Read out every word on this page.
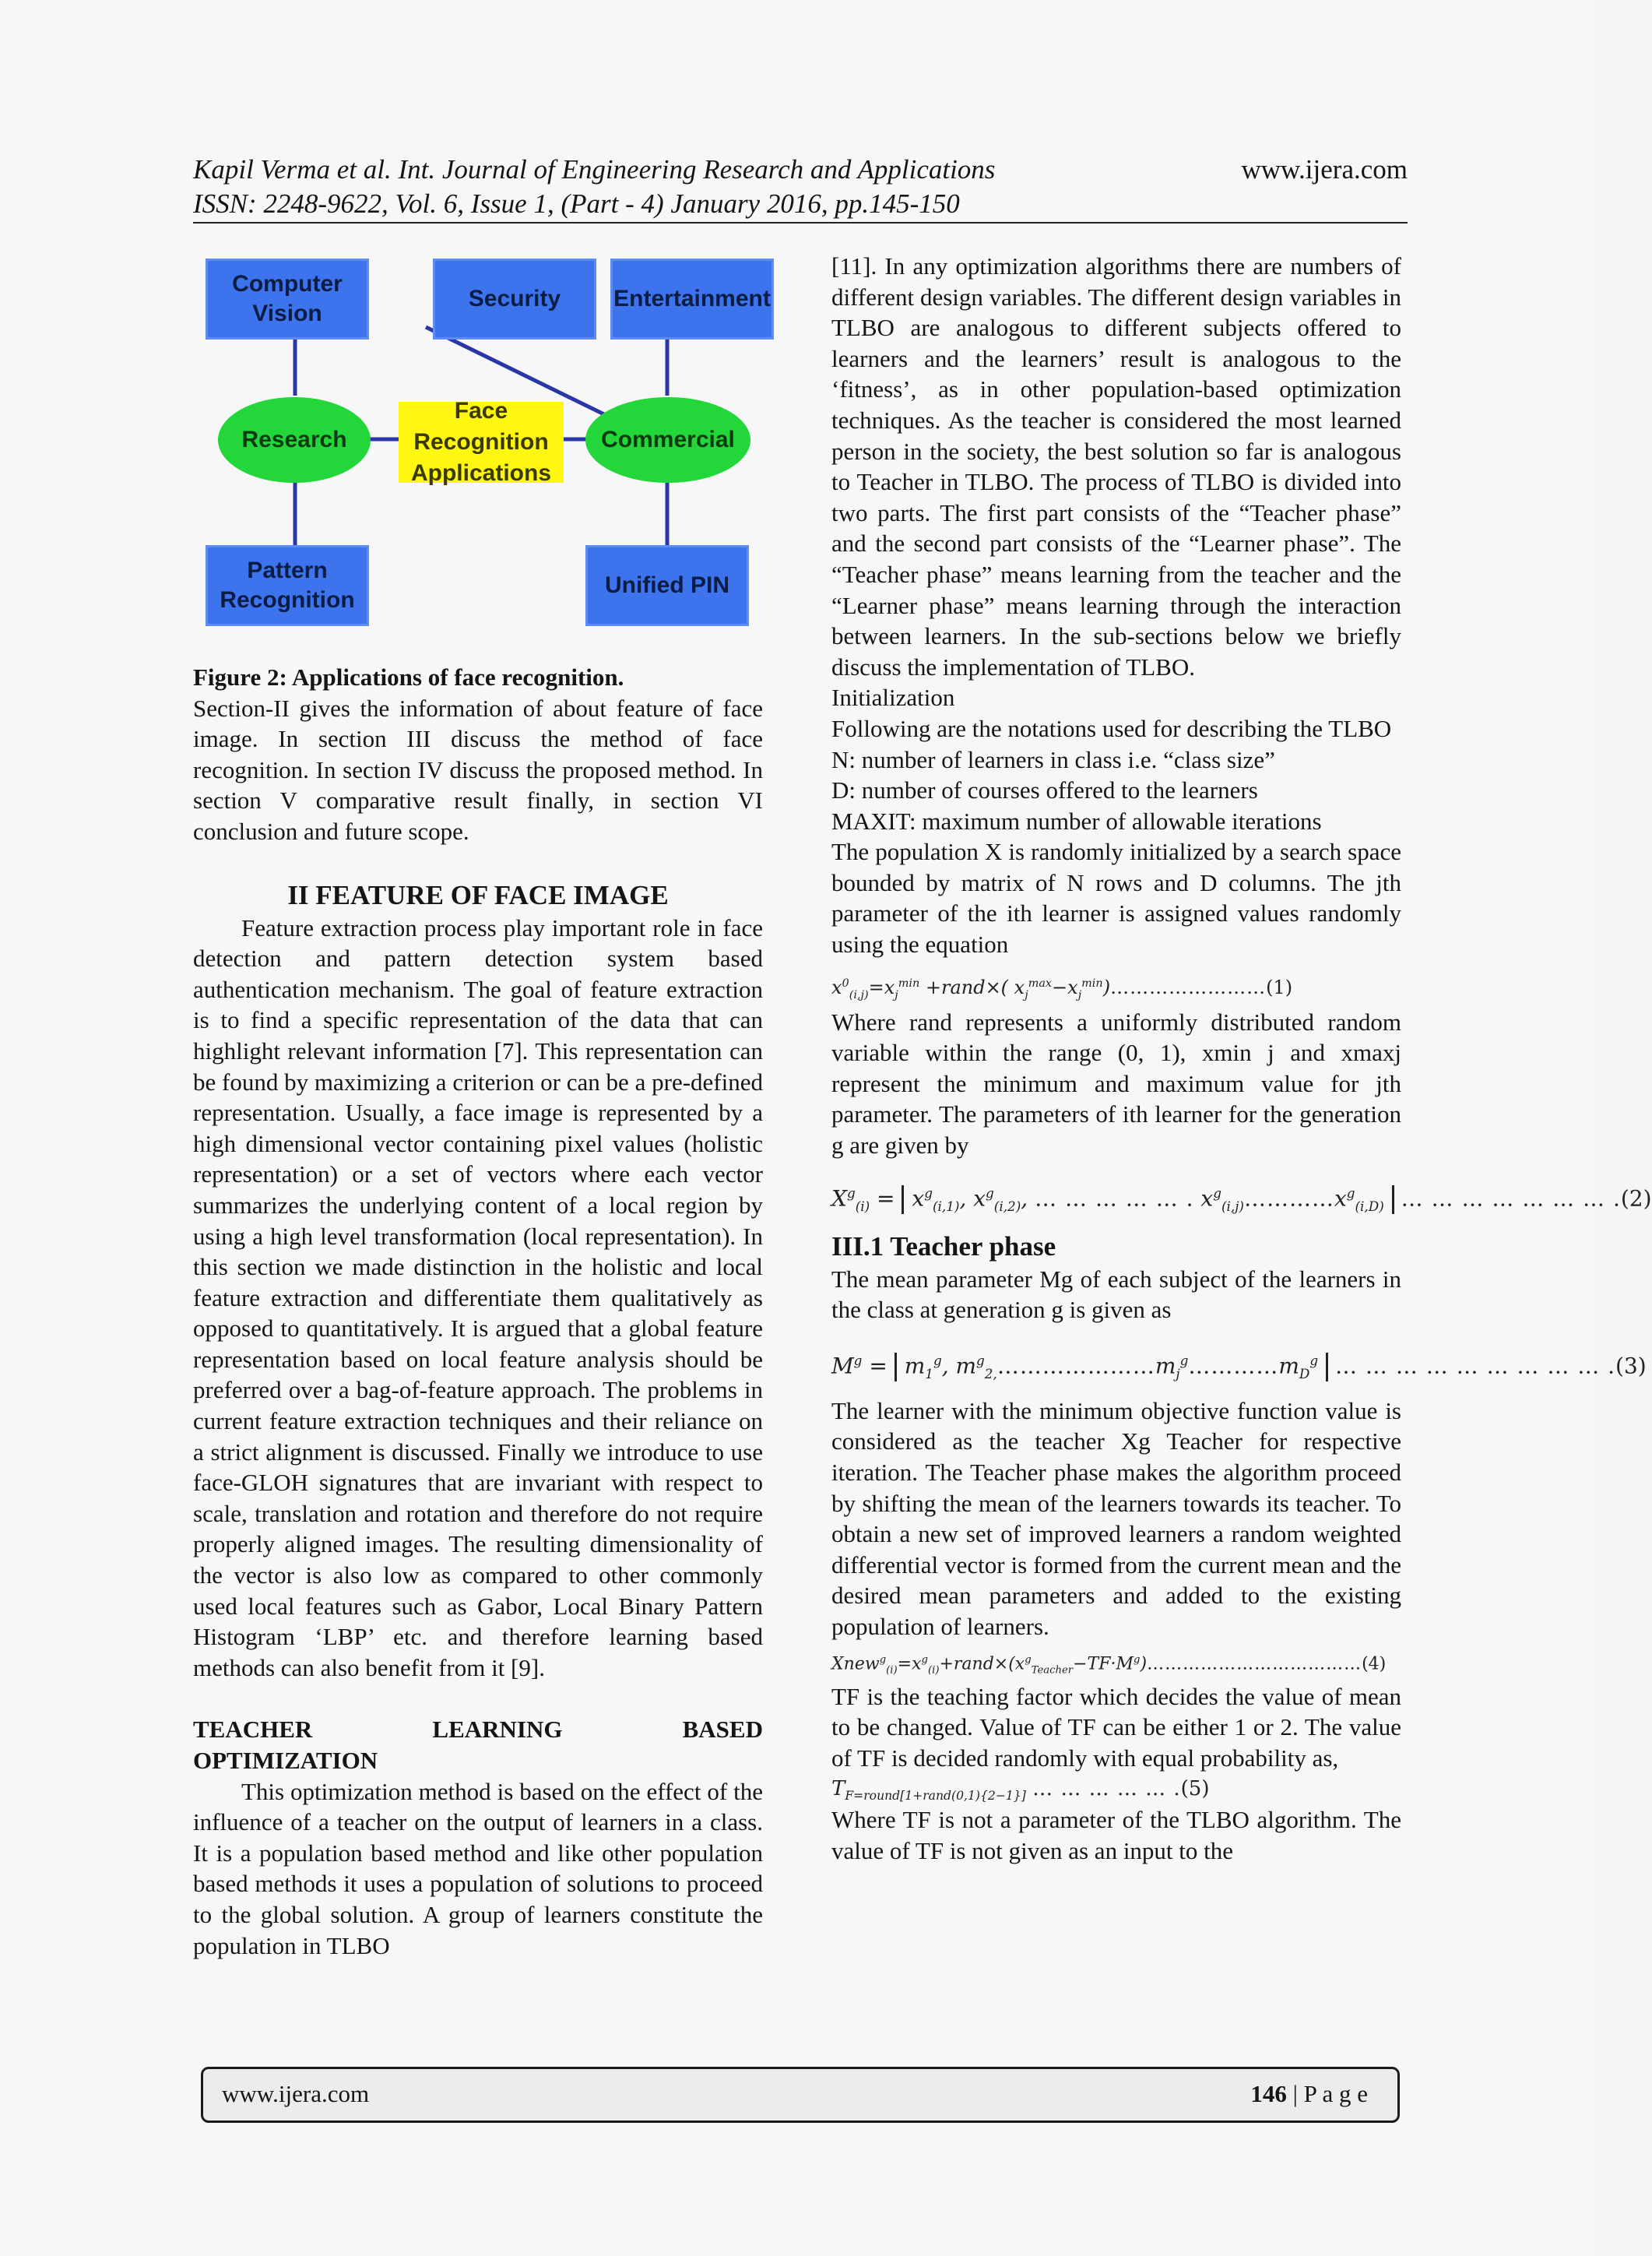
Kapil Verma et al. Int. Journal of Engineering Research and Applications	www.ijera.com
ISSN: 2248-9622, Vol. 6, Issue 1, (Part - 4) January 2016, pp.145-150
Computer Vision
Security	Entertainment
Research
Face Recognition Applications
Commercial
Pattern Recognition
Unified PIN

Figure 2: Applications of face recognition.

Section-II gives the information of about feature of face image. In section III discuss the method of face recognition. In section IV discuss the proposed method. In section V comparative result finally, in section VI conclusion and future scope.

II FEATURE OF FACE IMAGE

Feature extraction process play important role in face detection and pattern detection system based authentication mechanism. The goal of feature extraction is to find a specific representation of the data that can highlight relevant information [7]. This representation can be found by maximizing a criterion or can be a pre-defined representation. Usually, a face image is represented by a high dimensional vector containing pixel values (holistic representation) or a set of vectors where each vector summarizes the underlying content of a local region by using a high level transformation (local representation). In this section we made distinction in the holistic and local feature extraction and differentiate them qualitatively as opposed to quantitatively. It is argued that a global feature representation based on local feature analysis should be preferred over a bag-of-feature approach. The problems in current feature extraction techniques and their reliance on a strict alignment is discussed. Finally we introduce to use face-GLOH signatures that are invariant with respect to scale, translation and rotation and therefore do not require properly aligned images. The resulting dimensionality of the vector is also low as compared to other commonly used local features such as Gabor, Local Binary Pattern Histogram ‘LBP’ etc. and therefore learning based methods can also benefit from it [9].

TEACHER LEARNING BASED
OPTIMIZATION

This optimization method is based on the effect of the influence of a teacher on the output of learners in a class. It is a population based method and like other population based methods it uses a population of solutions to proceed to the global solution. A group of learners constitute the population in TLBO

[11]. In any optimization algorithms there are numbers of different design variables. The different design variables in TLBO are analogous to different subjects offered to learners and the learners’ result is analogous to the ‘fitness’, as in other population-based optimization techniques. As the teacher is considered the most learned person in the society, the best solution so far is analogous to Teacher in TLBO. The process of TLBO is divided into two parts. The first part consists of the “Teacher phase” and the second part consists of the “Learner phase”. The “Teacher phase” means learning from the teacher and the “Learner phase” means learning through the interaction between learners. In the sub-sections below we briefly discuss the implementation of TLBO.

Initialization

Following are the notations used for describing the TLBO

N: number of learners in class i.e. “class size”

D: number of courses offered to the learners

MAXIT: maximum number of allowable iterations

The population X is randomly initialized by a search space bounded by matrix of N rows and D columns. The jth parameter of the ith learner is assigned values randomly using the equation

$x^0_{(i,j)}=x_j^{min}$ +rand×( $x_j^{max}-x_j^{min})\dots\dots\dots\dots\dots\dots\dots\dots(1)$

Where rand represents a uniformly distributed random variable within the range (0, 1), xmin j and xmaxj represent the minimum and maximum value for jth parameter. The parameters of ith learner for the generation g are given by

$X^g_{(i)} = x^g_{(i,1)}$, $x^g_{(i,2)}$, … … … … … . $x^g_{(i,j)}\dots\dots\dots\dots x^g_{(i,D)}$ … … … … … … … .(2)
III.1 Teacher phase

The mean parameter Mg of each subject of the learners in the class at generation g is given as

$M^g = m_1^g$, $m^g_{2,}\dots\dots\dots\dots\dots\dots\dots m_j^g\dots\dots\dots\dots m_D^g$ … … … … … … … … … .(3)

The learner with the minimum objective function value is considered as the teacher Xg Teacher for respective iteration. The Teacher phase makes the algorithm proceed by shifting the mean of the learners towards its teacher. To obtain a new set of improved learners a random weighted differential vector is formed from the current mean and the desired mean parameters and added to the existing population of learners.

$Xnew^g_{(i)}=x^g_{(i)}+rand\times(x^g_{Teacher}-TF\cdot M^g)\dots\dots\dots\dots\dots\dots\dots\dots\dots\dots\dots\dots(4)$

TF is the teaching factor which decides the value of mean to be changed. Value of TF can be either 1 or 2. The value of TF is decided randomly with equal probability as,

$T_{F=round[1+rand(0,1)\{2-1\}]}$ … … … … … .(5)

Where TF is not a parameter of the TLBO algorithm. The value of TF is not given as an input to the

www.ijera.com	146 | P a g e
